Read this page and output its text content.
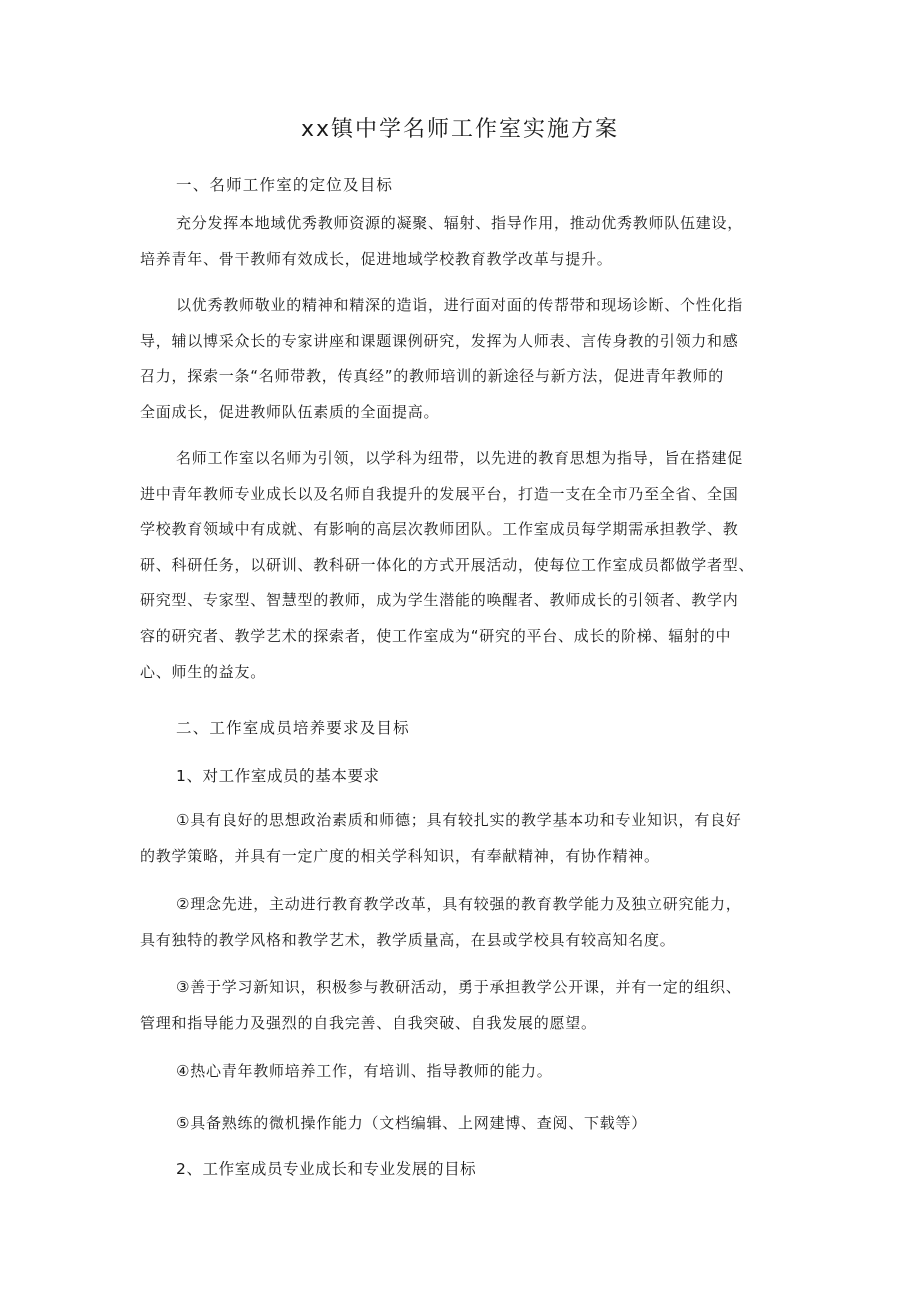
xx镇中学名师工作室实施方案
一、名师工作室的定位及目标
充分发挥本地域优秀教师资源的凝聚、辐射、指导作用，推动优秀教师队伍建设，
培养青年、骨干教师有效成长，促进地域学校教育教学改革与提升。
以优秀教师敬业的精神和精深的造诣，进行面对面的传帮带和现场诊断、个性化指
导，辅以博采众长的专家讲座和课题课例研究，发挥为人师表、言传身教的引领力和感
召力，探索一条“名师带教，传真经”的教师培训的新途径与新方法，促进青年教师的
全面成长，促进教师队伍素质的全面提高。
名师工作室以名师为引领，以学科为纽带，以先进的教育思想为指导，旨在搭建促
进中青年教师专业成长以及名师自我提升的发展平台，打造一支在全市乃至全省、全国
学校教育领域中有成就、有影响的高层次教师团队。工作室成员每学期需承担教学、教
研、科研任务，以研训、教科研一体化的方式开展活动，使每位工作室成员都做学者型、
研究型、专家型、智慧型的教师，成为学生潜能的唤醒者、教师成长的引领者、教学内
容的研究者、教学艺术的探索者，使工作室成为“研究的平台、成长的阶梯、辐射的中
心、师生的益友。
二、工作室成员培养要求及目标
1、对工作室成员的基本要求
①具有良好的思想政治素质和师德；具有较扎实的教学基本功和专业知识，有良好
的教学策略，并具有一定广度的相关学科知识，有奉献精神，有协作精神。
②理念先进，主动进行教育教学改革，具有较强的教育教学能力及独立研究能力，
具有独特的教学风格和教学艺术，教学质量高，在县或学校具有较高知名度。
③善于学习新知识，积极参与教研活动，勇于承担教学公开课，并有一定的组织、
管理和指导能力及强烈的自我完善、自我突破、自我发展的愿望。
④热心青年教师培养工作，有培训、指导教师的能力。
⑤具备熟练的微机操作能力（文档编辑、上网建博、查阅、下载等）
2、工作室成员专业成长和专业发展的目标
